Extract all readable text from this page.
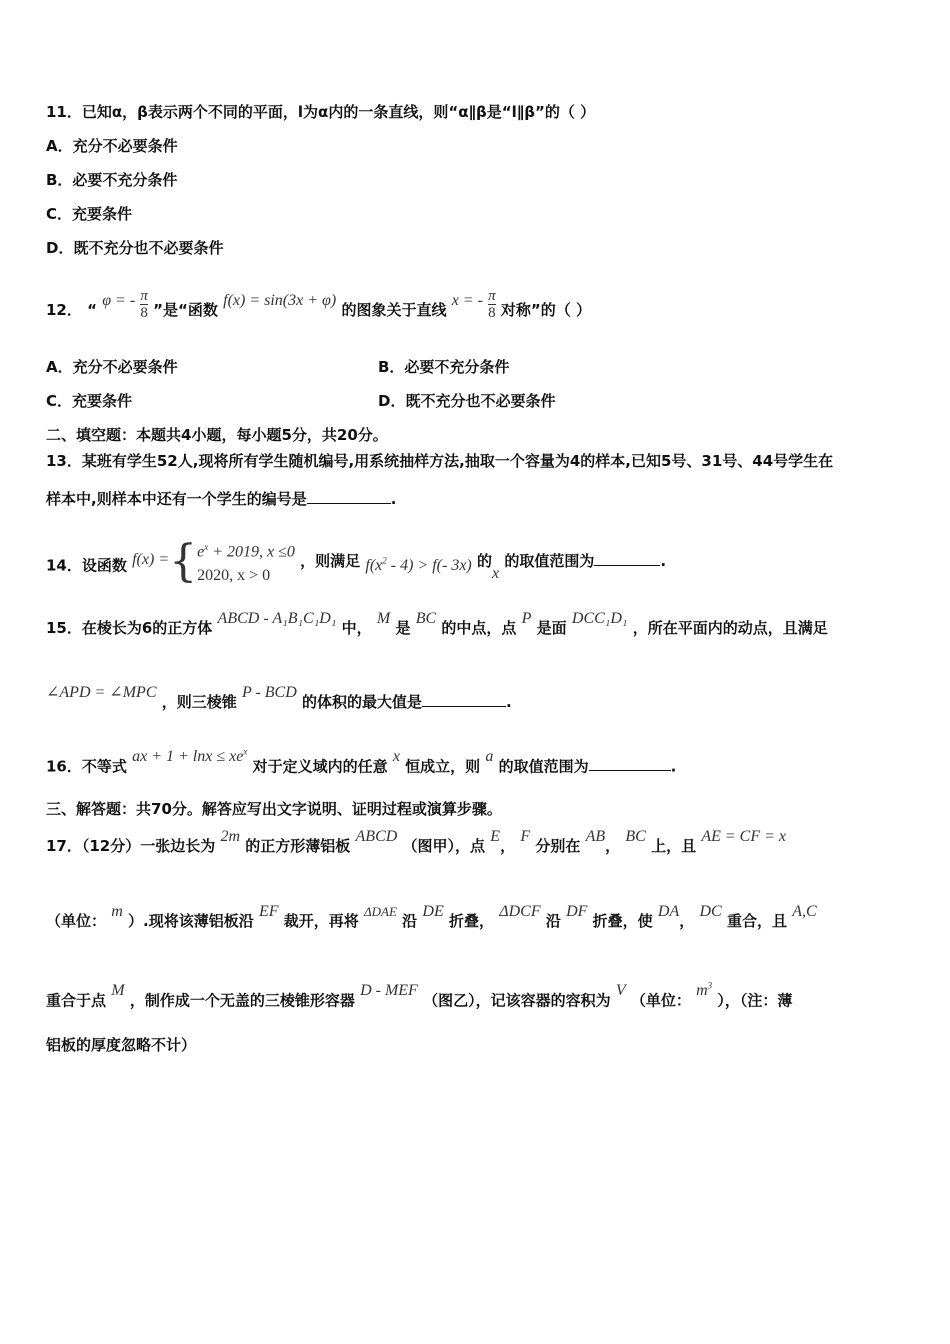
11．已知α，β表示两个不同的平面，l为α内的一条直线，则“α∥β是“l∥β”的（ ）
A．充分不必要条件
B．必要不充分条件
C．充要条件
D．既不充分也不必要条件
12． “ φ = - $\frac{\pi}{8}$ ”是“函数 f(x) = sin(3x + φ) 的图象关于直线 x = - $\frac{\pi}{8}$ 对称”的（ ）
A．充分不必要条件	B．必要不充分条件
C．充要条件	D．既不充分也不必要条件
二、填空题：本题共4小题，每小题5分，共20分。
13．某班有学生52人,现将所有学生随机编号,用系统抽样方法,抽取一个容量为4的样本,已知5号、31号、44号学生在
样本中,则样本中还有一个学生的编号是	.
14．设函数 f(x) ={ $e^x + 2019$, x ≤0
2020, x > 0
，则满足 $f(x^2 - 4) > f(-$ 3x) 的x 的取值范围为	.
15．在棱长为6的正方体 ABCD - A₁B₁C₁D₁ 中， M 是 BC 的中点，点 P 是面 DCC₁D₁ ，所在平面内的动点，且满足
∠APD = ∠MPC ，则三棱锥 P - BCD 的体积的最大值是	.
16．不等式 ax + $1 + \ln x \le xe^x$ 对于定义域内的任意 x 恒成立，则 a 的取值范围为	.
三、解答题：共70分。解答应写出文字说明、证明过程或演算步骤。
17．（12分）一张边长为 2m 的正方形薄铝板 ABCD （图甲），点 E， F 分别在 AB， BC 上，且 AE = CF = x
（单位： m ）.现将该薄铝板沿 EF 裁开，再将 ΔDAE 沿 DE 折叠， ΔDCF 沿 DF 折叠，使 DA， DC 重合，且 A,C
重合于点 M ，制作成一个无盖的三棱锥形容器 D - MEF （图乙），记该容器的容积为 V （单位： $m^3$ ），（注：薄
铝板的厚度忽略不计）
